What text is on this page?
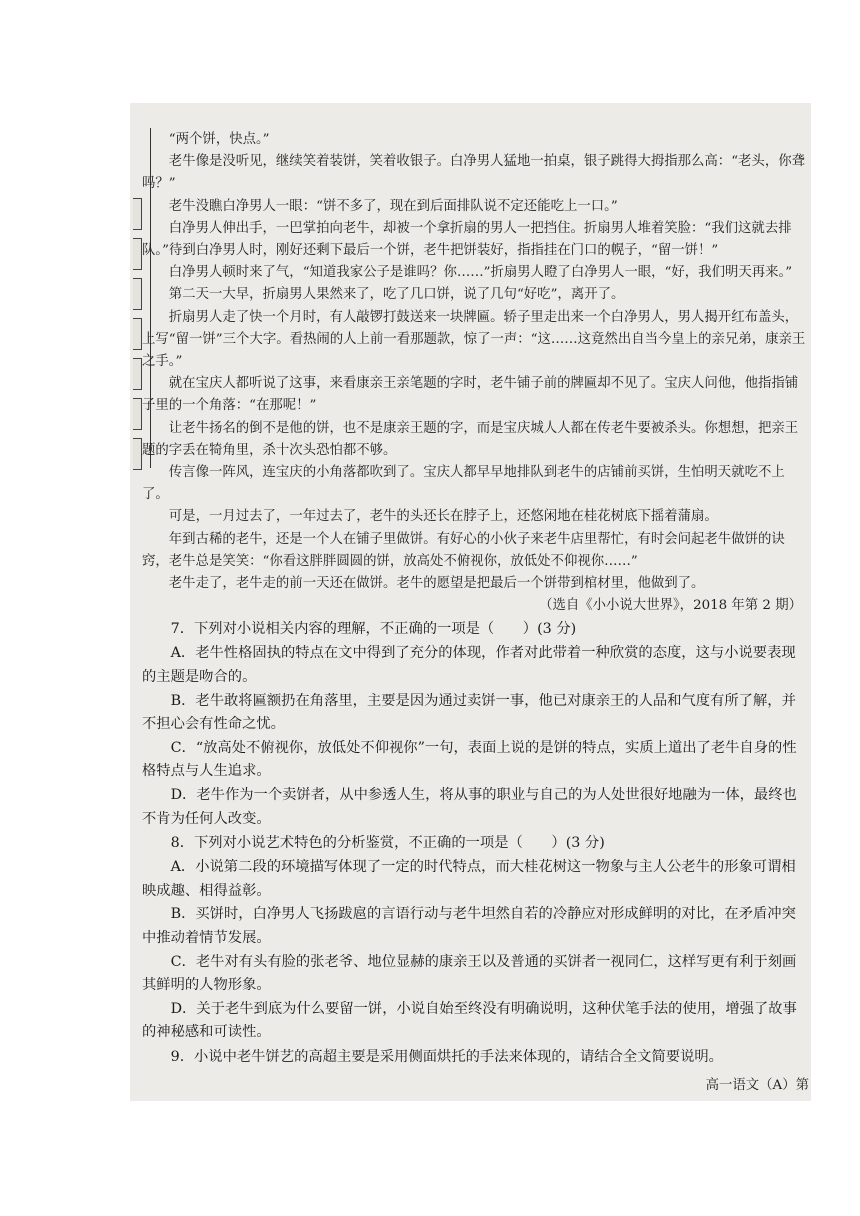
“两个饼，快点。”

老牛像是没听见，继续笑着装饼，笑着收银子。白净男人猛地一拍桌，银子跳得大拇指那么高：“老头，你聋吗？”

老牛没瞧白净男人一眼：“饼不多了，现在到后面排队说不定还能吃上一口。”

白净男人伸出手，一巴掌拍向老牛，却被一个拿折扇的男人一把挡住。折扇男人堆着笑脸：“我们这就去排队。”待到白净男人时，刚好还剩下最后一个饼，老牛把饼装好，指指挂在门口的幌子，“留一饼！”

白净男人顿时来了气，“知道我家公子是谁吗？你……”折扇男人瞪了白净男人一眼，“好，我们明天再来。”

第二天一大早，折扇男人果然来了，吃了几口饼，说了几句“好吃”，离开了。

折扇男人走了快一个月时，有人敲锣打鼓送来一块牌匾。轿子里走出来一个白净男人，男人揭开红布盖头，上写“留一饼”三个大字。看热闹的人上前一看那题款，惊了一声：“这……这竟然出自当今皇上的亲兄弟，康亲王之手。”

就在宝庆人都听说了这事，来看康亲王亲笔题的字时，老牛铺子前的牌匾却不见了。宝庆人问他，他指指铺子里的一个角落：“在那呢！”

让老牛扬名的倒不是他的饼，也不是康亲王题的字，而是宝庆城人人都在传老牛要被杀头。你想想，把亲王题的字丢在犄角里，杀十次头恐怕都不够。

传言像一阵风，连宝庆的小角落都吹到了。宝庆人都早早地排队到老牛的店铺前买饼，生怕明天就吃不上了。

可是，一月过去了，一年过去了，老牛的头还长在脖子上，还悠闲地在桂花树底下摇着蒲扇。

年到古稀的老牛，还是一个人在铺子里做饼。有好心的小伙子来老牛店里帮忙，有时会问起老牛做饼的诀窍，老牛总是笑笑：“你看这胖胖圆圆的饼，放高处不俯视你，放低处不仰视你……”

老牛走了，老牛走的前一天还在做饼。老牛的愿望是把最后一个饼带到棺材里，他做到了。

（选自《小小说大世界》，2018 年第 2 期）

7．下列对小说相关内容的理解，不正确的一项是（　　）(3 分)

A．老牛性格固执的特点在文中得到了充分的体现，作者对此带着一种欣赏的态度，这与小说要表现的主题是吻合的。

B．老牛敢将匾额扔在角落里，主要是因为通过卖饼一事，他已对康亲王的人品和气度有所了解，并不担心会有性命之忧。

C．“放高处不俯视你，放低处不仰视你”一句，表面上说的是饼的特点，实质上道出了老牛自身的性格特点与人生追求。

D．老牛作为一个卖饼者，从中参透人生，将从事的职业与自己的为人处世很好地融为一体，最终也不肯为任何人改变。

8．下列对小说艺术特色的分析鉴赏，不正确的一项是（　　）(3 分)

A．小说第二段的环境描写体现了一定的时代特点，而大桂花树这一物象与主人公老牛的形象可谓相映成趣、相得益彰。

B．买饼时，白净男人飞扬跋扈的言语行动与老牛坦然自若的冷静应对形成鲜明的对比，在矛盾冲突中推动着情节发展。

C．老牛对有头有脸的张老爷、地位显赫的康亲王以及普通的买饼者一视同仁，这样写更有利于刻画其鲜明的人物形象。

D．关于老牛到底为什么要留一饼，小说自始至终没有明确说明，这种伏笔手法的使用，增强了故事的神秘感和可读性。

9．小说中老牛饼艺的高超主要是采用侧面烘托的手法来体现的，请结合全文简要说明。

高一语文（A）第
